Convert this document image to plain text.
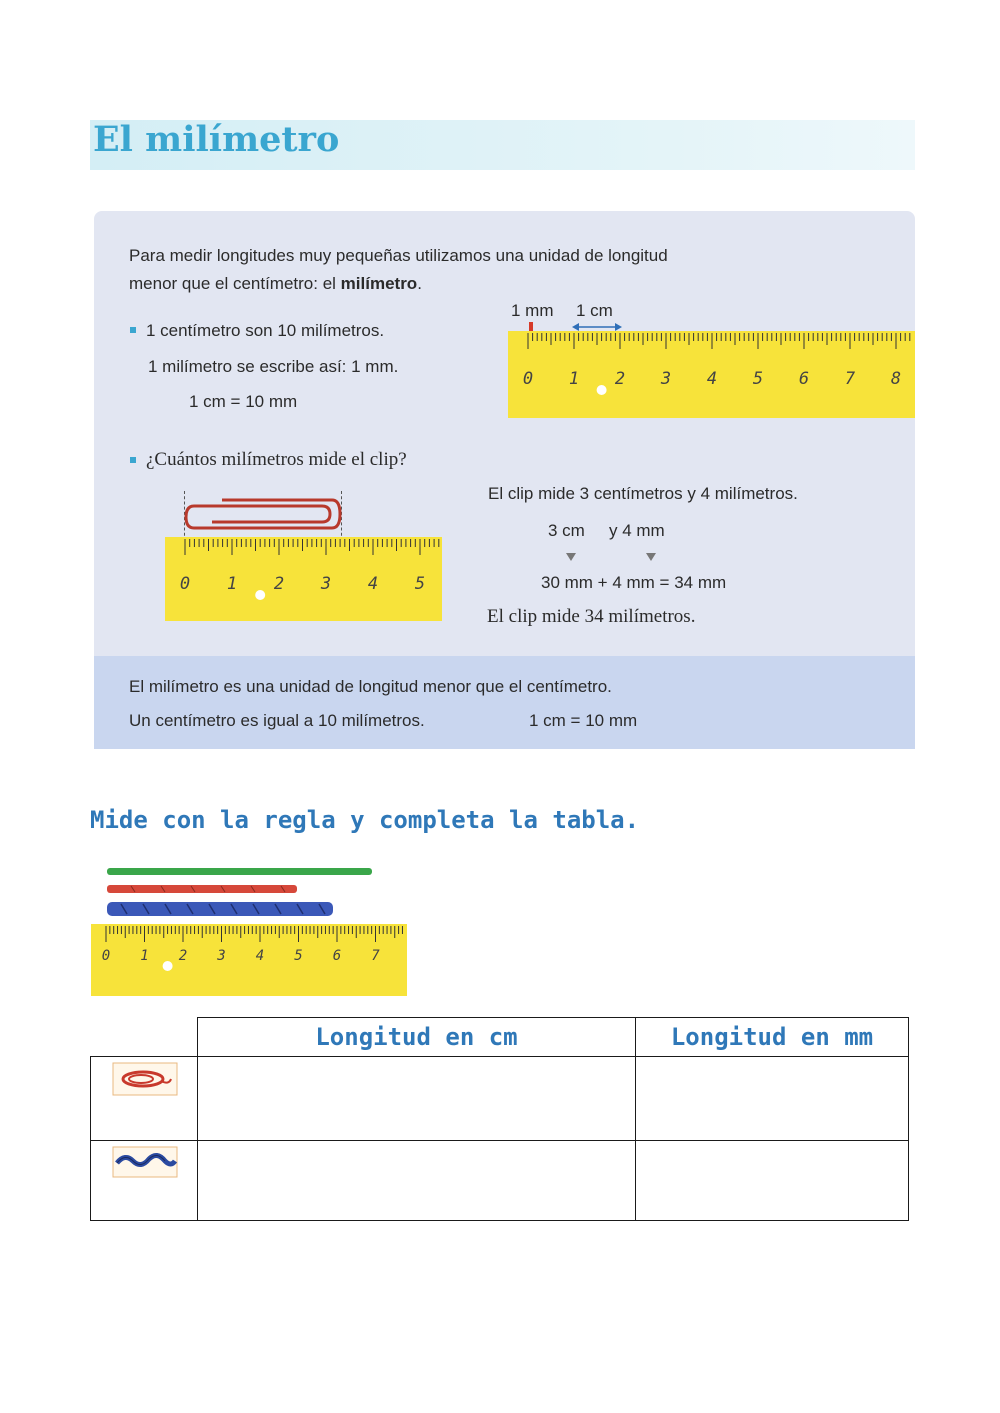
El milímetro
Para medir longitudes muy pequeñas utilizamos una unidad de longitud
menor que el centímetro: el milímetro.
1 centímetro son 10 milímetros.
1 milímetro se escribe así: 1 mm.
1 cm = 10 mm
1 mm 1 cm
0 1 2 3 4 5 6 7 8
¿Cuántos milímetros mide el clip?
0 1 2 3 4 5
El clip mide 3 centímetros y 4 milímetros.
3 cm y 4 mm
30 mm + 4 mm = 34 mm
El clip mide 34 milímetros.
El milímetro es una unidad de longitud menor que el centímetro.
Un centímetro es igual a 10 milímetros.	1 cm = 10 mm
Mide con la regla y completa la tabla.
0 1 2 3 4 5 6 7
	Longitud en cm	Longitud en mm
